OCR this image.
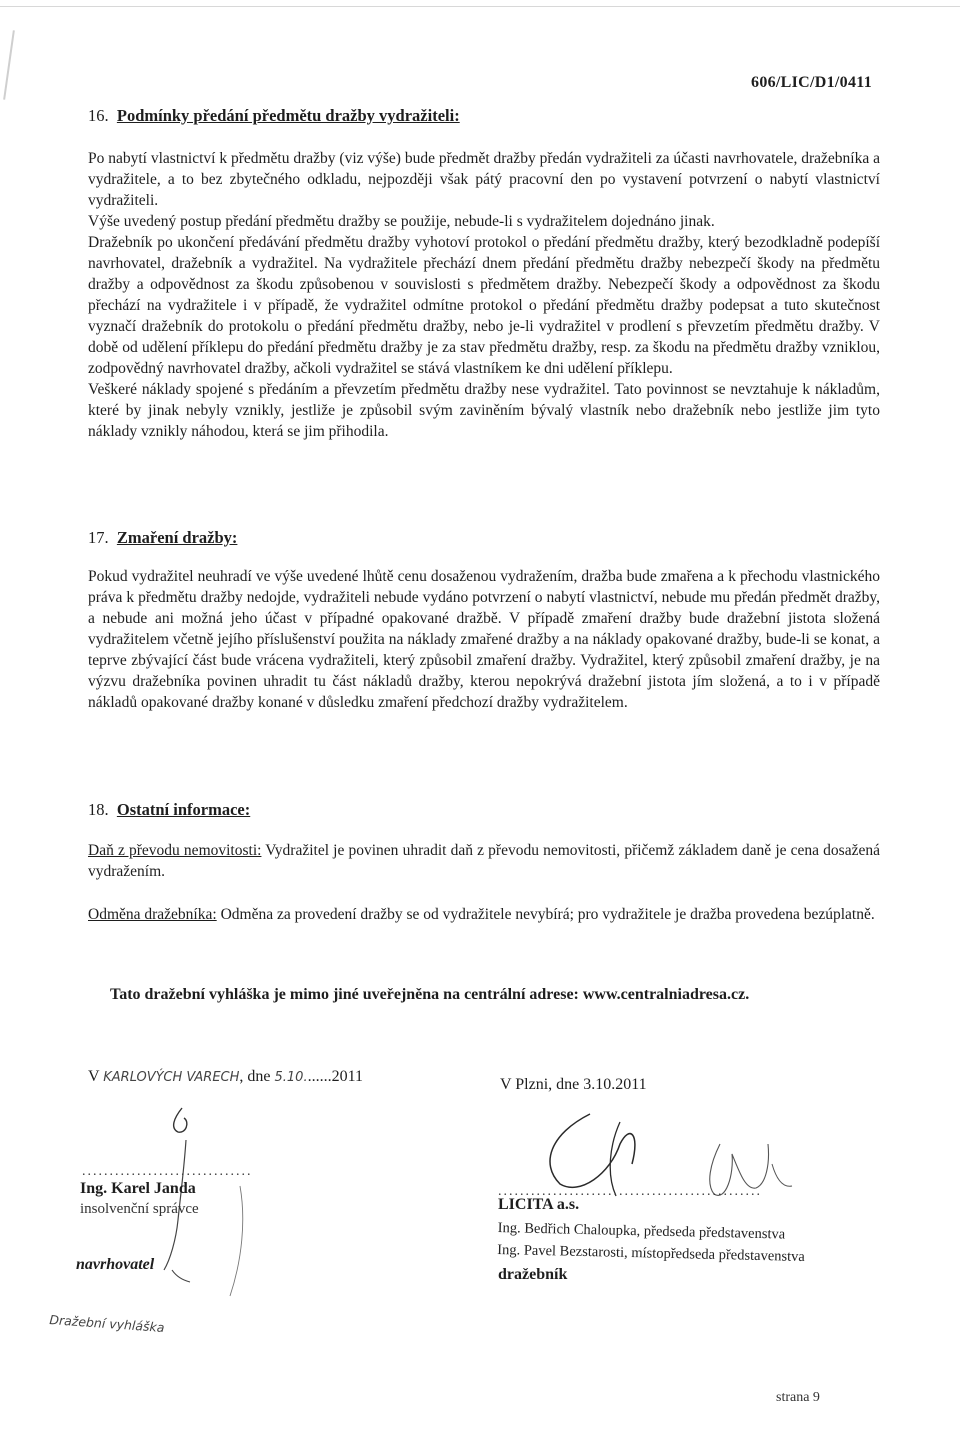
606/LIC/D1/0411
16. Podmínky předání předmětu dražby vydražiteli:

Po nabytí vlastnictví k předmětu dražby (viz výše) bude předmět dražby předán vydražiteli za účasti navrhovatele, dražebníka a vydražitele, a to bez zbytečného odkladu, nejpozději však pátý pracovní den po vystavení potvrzení o nabytí vlastnictví vydražiteli.

Výše uvedený postup předání předmětu dražby se použije, nebude-li s vydražitelem dojednáno jinak.

Dražebník po ukončení předávání předmětu dražby vyhotoví protokol o předání předmětu dražby, který bezodkladně podepíší navrhovatel, dražebník a vydražitel. Na vydražitele přechází dnem předání předmětu dražby nebezpečí škody na předmětu dražby a odpovědnost za škodu způsobenou v souvislosti s předmětem dražby. Nebezpečí škody a odpovědnost za škodu přechází na vydražitele i v případě, že vydražitel odmítne protokol o předání předmětu dražby podepsat a tuto skutečnost vyznačí dražebník do protokolu o předání předmětu dražby, nebo je-li vydražitel v prodlení s převzetím předmětu dražby. V době od udělení příklepu do předání předmětu dražby je za stav předmětu dražby, resp. za škodu na předmětu dražby vzniklou, zodpovědný navrhovatel dražby, ačkoli vydražitel se stává vlastníkem ke dni udělení příklepu.

Veškeré náklady spojené s předáním a převzetím předmětu dražby nese vydražitel. Tato povinnost se nevztahuje k nákladům, které by jinak nebyly vznikly, jestliže je způsobil svým zaviněním bývalý vlastník nebo dražebník nebo jestliže jim tyto náklady vznikly náhodou, která se jim přihodila.

17. Zmaření dražby:

Pokud vydražitel neuhradí ve výše uvedené lhůtě cenu dosaženou vydražením, dražba bude zmařena a k přechodu vlastnického práva k předmětu dražby nedojde, vydražiteli nebude vydáno potvrzení o nabytí vlastnictví, nebude mu předán předmět dražby, a nebude ani možná jeho účast v případné opakované dražbě. V případě zmaření dražby bude dražební jistota složená vydražitelem včetně jejího příslušenství použita na náklady zmařené dražby a na náklady opakované dražby, bude-li se konat, a teprve zbývající část bude vrácena vydražiteli, který způsobil zmaření dražby. Vydražitel, který způsobil zmaření dražby, je na výzvu dražebníka povinen uhradit tu část nákladů dražby, kterou nepokrývá dražební jistota jím složená, a to i v případě nákladů opakované dražby konané v důsledku zmaření předchozí dražby vydražitelem.

18. Ostatní informace:

Daň z převodu nemovitosti: Vydražitel je povinen uhradit daň z převodu nemovitosti, přičemž základem daně je cena dosažená vydražením.

Odměna dražebníka: Odměna za provedení dražby se od vydražitele nevybírá; pro vydražitele je dražba provedena bezúplatně.

Tato dražební vyhláška je mimo jiné uveřejněna na centrální adrese: www.centralniadresa.cz.
V KARLOVÝCH VARECH, dne 5.10.......2011
...............................
Ing. Karel Janda
insolvenční správce
navrhovatel
V Plzni, dne 3.10.2011
................................................
LICITA a.s.
Ing. Bedřich Chaloupka, předseda představenstva
Ing. Pavel Bezstarosti, místopředseda představenstva
dražebník
Dražební vyhláška
strana 9
